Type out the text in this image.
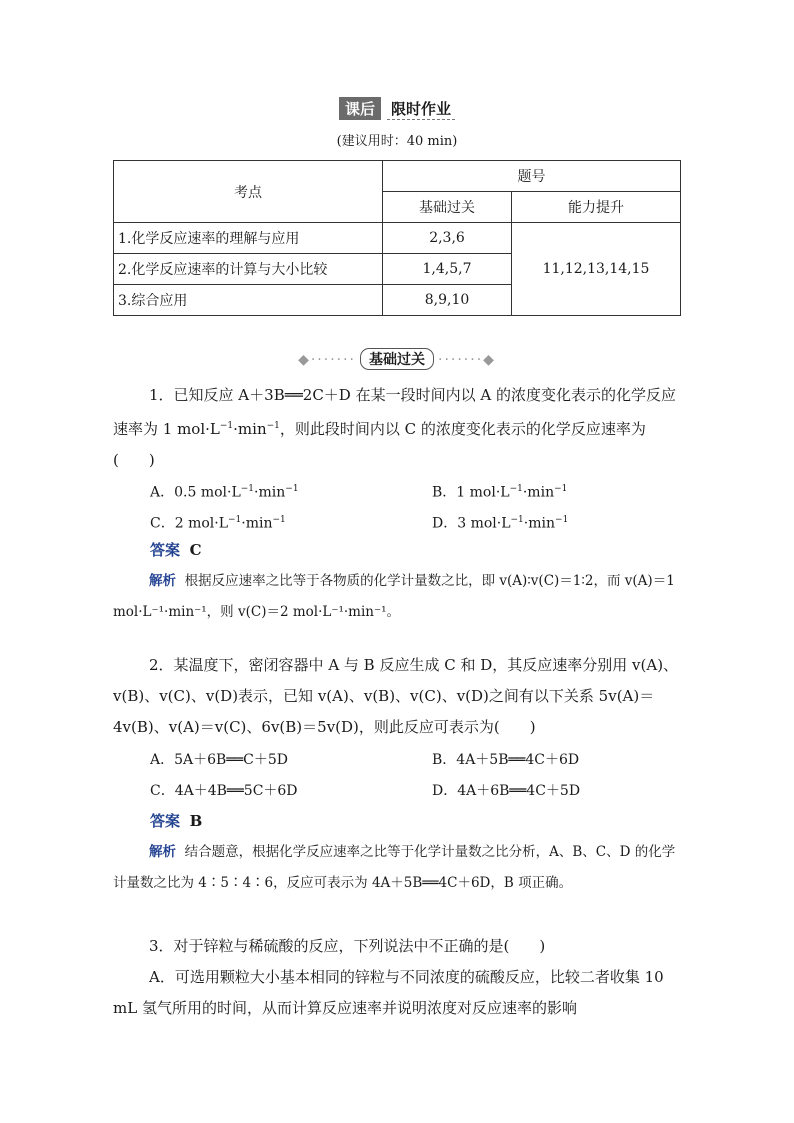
课后 限时作业
(建议用时：40 min)
考点	题号	
	基础过关	能力提升
1.化学反应速率的理解与应用	2,3,6	11,12,13,14,15
2.化学反应速率的计算与大小比较	1,4,5,7	
3.综合应用	8,9,10	
◆······· 基础过关 ·······◆
1．已知反应 A＋3B══2C＋D 在某一段时间内以 A 的浓度变化表示的化学反应速率为 1 $mol\cdot L^{-1}\cdot\min^{-1}$，则此段时间内以 C 的浓度变化表示的化学反应速率为(　　)
A．0.5 $mol\cdot L^{-1}\cdot\min^{-1}$	B．1 $mol\cdot L^{-1}\cdot\min^{-1}$
C．2 $mol\cdot L^{-1}\cdot\min^{-1}$	D．3 $mol\cdot L^{-1}\cdot\min^{-1}$
答案 C
解析 根据反应速率之比等于各物质的化学计量数之比，即 v(A)∶v(C)＝1∶2，而 v(A)＝1 mol·L⁻¹·min⁻¹，则 v(C)＝2 mol·L⁻¹·min⁻¹。
2．某温度下，密闭容器中 A 与 B 反应生成 C 和 D，其反应速率分别用 v(A)、v(B)、v(C)、v(D)表示，已知 v(A)、v(B)、v(C)、v(D)之间有以下关系 5v(A)＝4v(B)、v(A)＝v(C)、6v(B)＝5v(D)，则此反应可表示为(　　)
A．5A＋6B══C＋5D	B．4A＋5B══4C＋6D
C．4A＋4B══5C＋6D	D．4A＋6B══4C＋5D
答案 B
解析 结合题意，根据化学反应速率之比等于化学计量数之比分析，A、B、C、D 的化学计量数之比为 4∶5∶4∶6，反应可表示为 4A＋5B══4C＋6D，B 项正确。
3．对于锌粒与稀硫酸的反应，下列说法中不正确的是(　　)
A．可选用颗粒大小基本相同的锌粒与不同浓度的硫酸反应，比较二者收集 10 mL 氢气所用的时间，从而计算反应速率并说明浓度对反应速率的影响
